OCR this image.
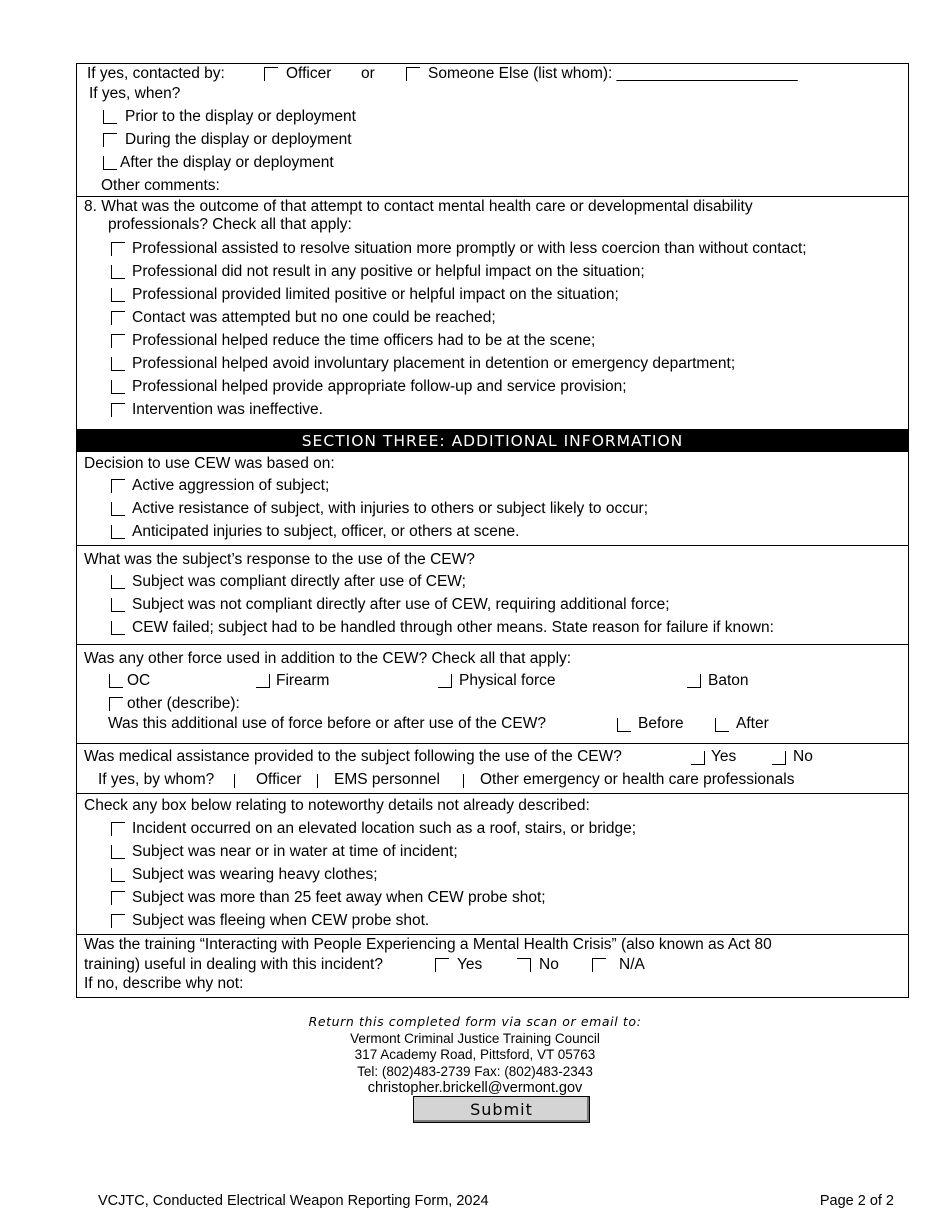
If yes, contacted by:	Officer or	Someone Else (list whom): _____________________
If yes, when?
Prior to the display or deployment
During the display or deployment
After the display or deployment
Other comments:
8. What was the outcome of that attempt to contact mental health care or developmental disability
professionals? Check all that apply:
Professional assisted to resolve situation more promptly or with less coercion than without contact;
Professional did not result in any positive or helpful impact on the situation;
Professional provided limited positive or helpful impact on the situation;
Contact was attempted but no one could be reached;
Professional helped reduce the time officers had to be at the scene;
Professional helped avoid involuntary placement in detention or emergency department;
Professional helped provide appropriate follow-up and service provision;
Intervention was ineffective.
SECTION THREE: ADDITIONAL INFORMATION
Decision to use CEW was based on:
Active aggression of subject;
Active resistance of subject, with injuries to others or subject likely to occur;
Anticipated injuries to subject, officer, or others at scene.
What was the subject’s response to the use of the CEW?
Subject was compliant directly after use of CEW;
Subject was not compliant directly after use of CEW, requiring additional force;
CEW failed; subject had to be handled through other means. State reason for failure if known:
Was any other force used in addition to the CEW? Check all that apply:
OC	Firearm	Physical force	Baton
other (describe):
Was this additional use of force before or after use of the CEW?	Before	After
Was medical assistance provided to the subject following the use of the CEW?	Yes	No
If yes, by whom?	Officer EMS personnel	Other emergency or health care professionals
Check any box below relating to noteworthy details not already described:
Incident occurred on an elevated location such as a roof, stairs, or bridge;
Subject was near or in water at time of incident;
Subject was wearing heavy clothes;
Subject was more than 25 feet away when CEW probe shot;
Subject was fleeing when CEW probe shot.
Was the training “Interacting with People Experiencing a Mental Health Crisis” (also known as Act 80
training) useful in dealing with this incident?	Yes	No	N/A
If no, describe why not:
Return this completed form via scan or email to:
Vermont Criminal Justice Training Council
317 Academy Road, Pittsford, VT 05763
Tel: (802)483-2739 Fax: (802)483-2343
christopher.brickell@vermont.gov
Submit
VCJTC, Conducted Electrical Weapon Reporting Form, 2024	Page 2 of 2
